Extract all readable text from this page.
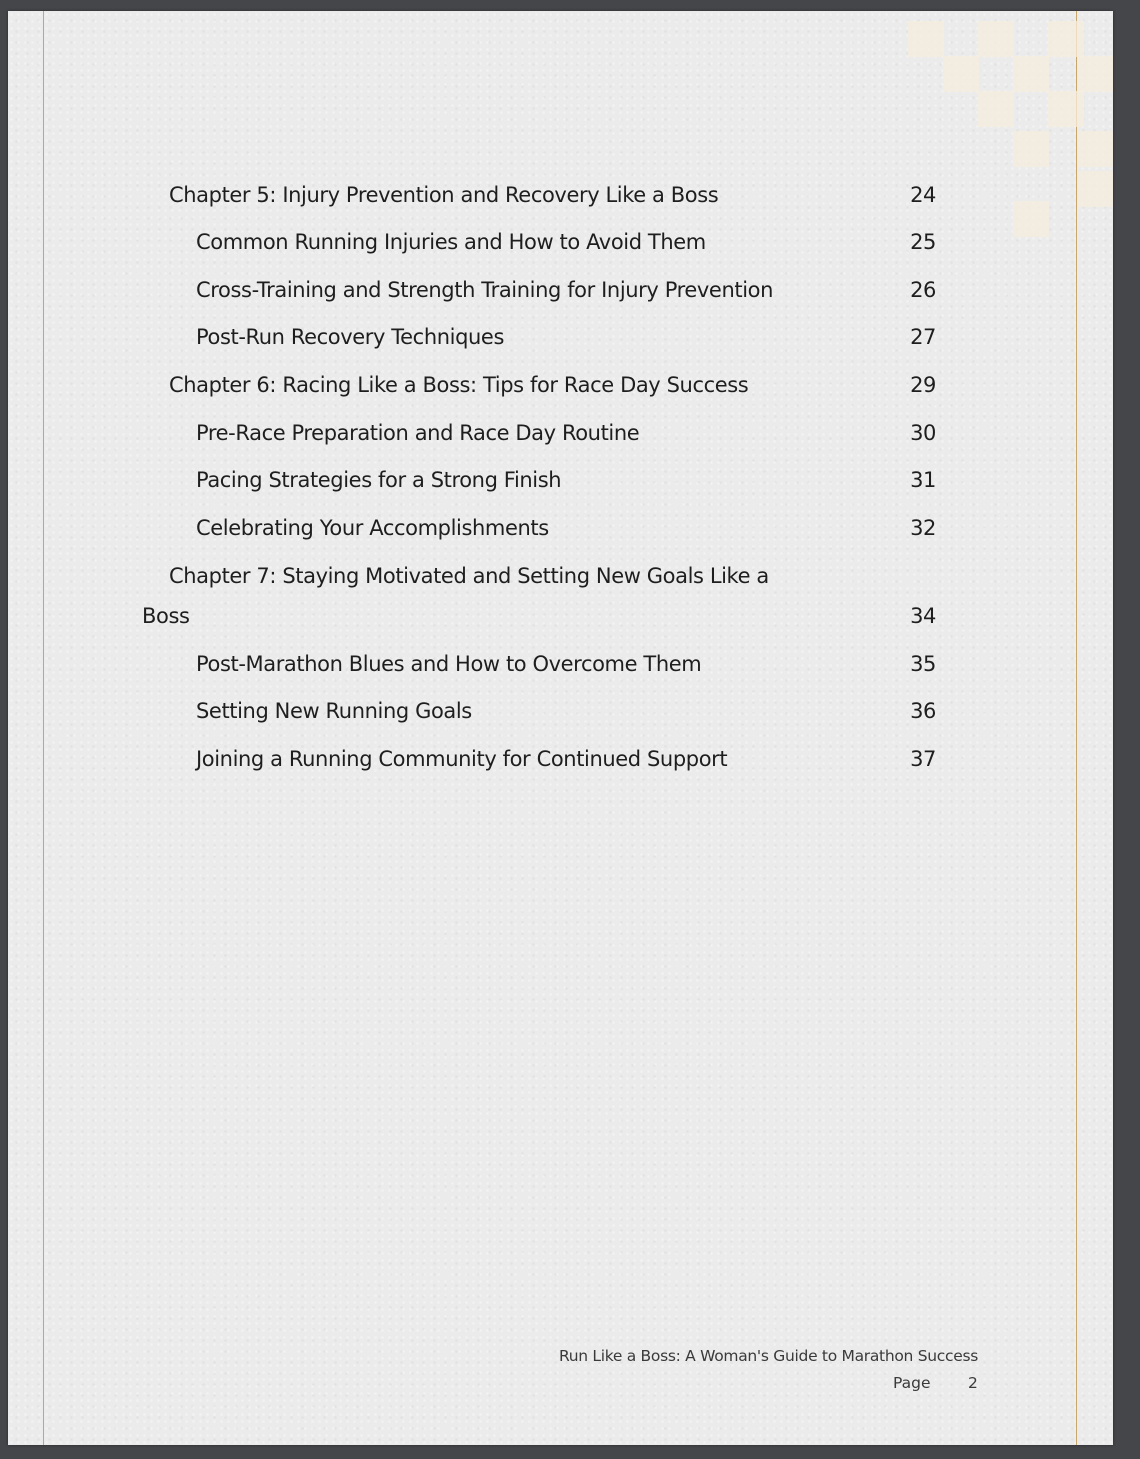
Chapter 5: Injury Prevention and Recovery Like a Boss	24
Common Running Injuries and How to Avoid Them	25
Cross-Training and Strength Training for Injury Prevention	26
Post-Run Recovery Techniques	27
Chapter 6: Racing Like a Boss: Tips for Race Day Success	29
Pre-Race Preparation and Race Day Routine	30
Pacing Strategies for a Strong Finish	31
Celebrating Your Accomplishments	32
Chapter 7: Staying Motivated and Setting New Goals Like a
Boss	34
Post-Marathon Blues and How to Overcome Them	35
Setting New Running Goals	36
Joining a Running Community for Continued Support	37
Run Like a Boss: A Woman's Guide to Marathon Success
Page 2
